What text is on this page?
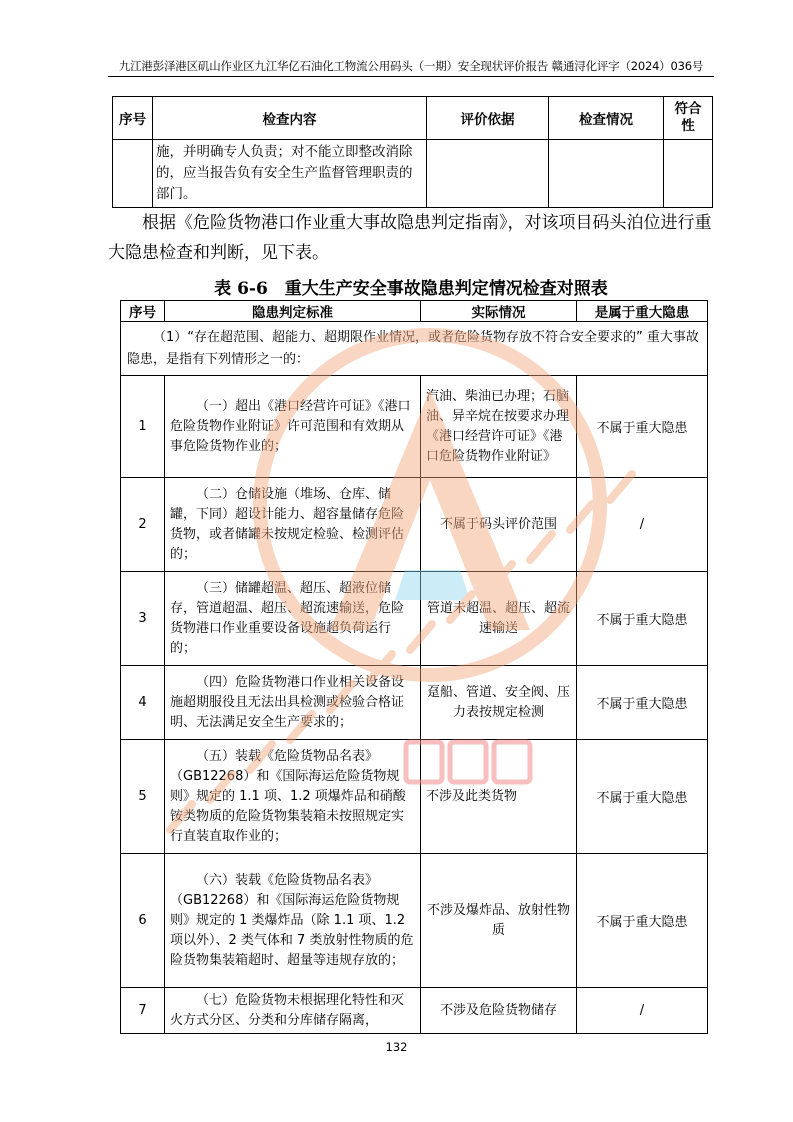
九江港彭泽港区矶山作业区九江华亿石油化工物流公用码头（一期）安全现状评价报告 赣通浔化评字（2024）036号
序号	检查内容	评价依据	检查情况	符合性
	施，并明确专人负责；对不能立即整改消除的，应当报告负有安全生产监督管理职责的部门。			
根据《危险货物港口作业重大事故隐患判定指南》，对该项目码头泊位进行重大隐患检查和判断，见下表。
表 6-6　重大生产安全事故隐患判定情况检查对照表
序号	隐患判定标准	实际情况	是属于重大隐患
（1）“存在超范围、超能力、超期限作业情况，或者危险货物存放不符合安全要求的” 重大事故隐患，是指有下列情形之一的：			
1	（一）超出《港口经营许可证》《港口危险货物作业附证》许可范围和有效期从事危险货物作业的；	汽油、柴油已办理；石脑油、异辛烷在按要求办理《港口经营许可证》《港口危险货物作业附证》	不属于重大隐患
2	（二）仓储设施（堆场、仓库、储罐，下同）超设计能力、超容量储存危险货物，或者储罐未按规定检验、检测评估的；	不属于码头评价范围	/
3	（三）储罐超温、超压、超液位储存，管道超温、超压、超流速输送，危险货物港口作业重要设备设施超负荷运行的；	管道未超温、超压、超流速输送	不属于重大隐患
4	（四）危险货物港口作业相关设备设施超期服役且无法出具检测或检验合格证明、无法满足安全生产要求的；	趸船、管道、安全阀、压力表按规定检测	不属于重大隐患
5	（五）装载《危险货物品名表》（GB12268）和《国际海运危险货物规则》规定的 1.1 项、1.2 项爆炸品和硝酸铵类物质的危险货物集装箱未按照规定实行直装直取作业的；	不涉及此类货物	不属于重大隐患
6	（六）装载《危险货物品名表》（GB12268）和《国际海运危险货物规则》规定的 1 类爆炸品（除 1.1 项、1.2 项以外）、2 类气体和 7 类放射性物质的危险货物集装箱超时、超量等违规存放的；	不涉及爆炸品、放射性物质	不属于重大隐患
7	（七）危险货物未根据理化特性和灭火方式分区、分类和分库储存隔离，	不涉及危险货物储存	/
132
